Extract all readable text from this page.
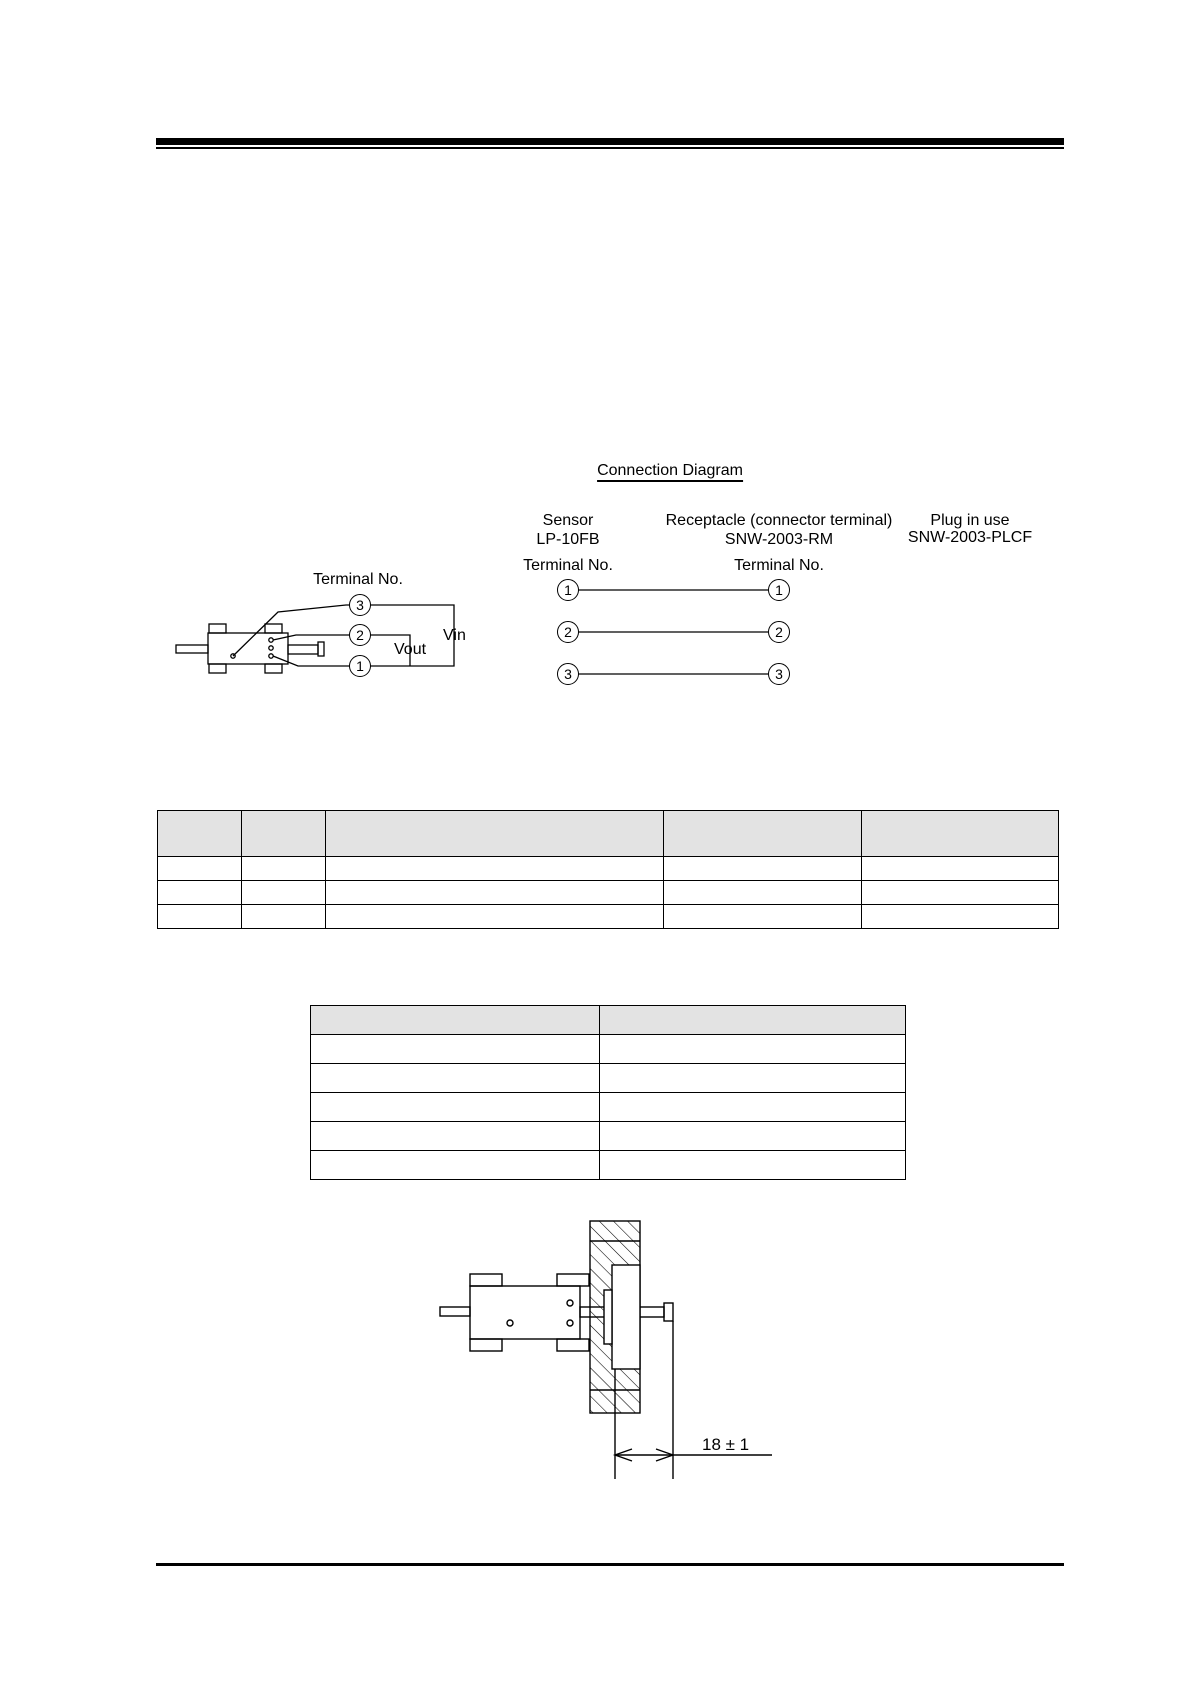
Terminal No.
3
2
1
Vout
Vin
Connection Diagram
Sensor
LP-10FB
Terminal No.
Receptacle (connector terminal)
SNW-2003-RM
Terminal No.
Plug in use
SNW-2003-PLCF
1	1
2	2
3	3

18 ± 1
